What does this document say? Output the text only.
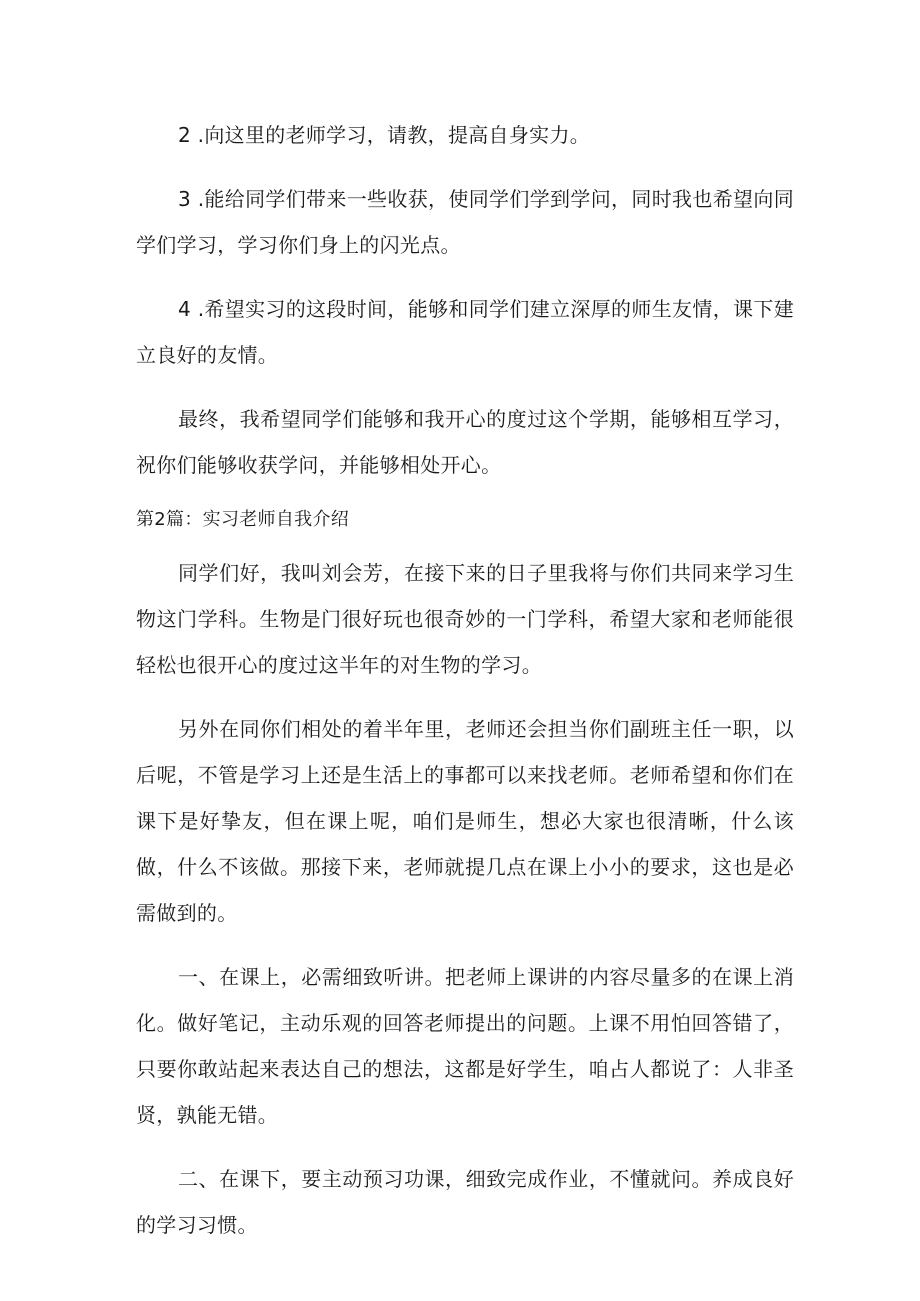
2 .向这里的老师学习，请教，提高自身实力。

3 .能给同学们带来一些收获，使同学们学到学问，同时我也希望向同学们学习，学习你们身上的闪光点。

4 .希望实习的这段时间，能够和同学们建立深厚的师生友情，课下建立良好的友情。

最终，我希望同学们能够和我开心的度过这个学期，能够相互学习，祝你们能够收获学问，并能够相处开心。

第2篇：实习老师自我介绍

同学们好，我叫刘会芳，在接下来的日子里我将与你们共同来学习生物这门学科。生物是门很好玩也很奇妙的一门学科，希望大家和老师能很轻松也很开心的度过这半年的对生物的学习。

另外在同你们相处的着半年里，老师还会担当你们副班主任一职，以后呢，不管是学习上还是生活上的事都可以来找老师。老师希望和你们在课下是好挚友，但在课上呢，咱们是师生，想必大家也很清晰，什么该做，什么不该做。那接下来，老师就提几点在课上小小的要求，这也是必需做到的。

一、在课上，必需细致听讲。把老师上课讲的内容尽量多的在课上消化。做好笔记，主动乐观的回答老师提出的问题。上课不用怕回答错了，只要你敢站起来表达自己的想法，这都是好学生，咱占人都说了：人非圣贤，孰能无错。

二、在课下，要主动预习功课，细致完成作业，不懂就问。养成良好的学习习惯。
